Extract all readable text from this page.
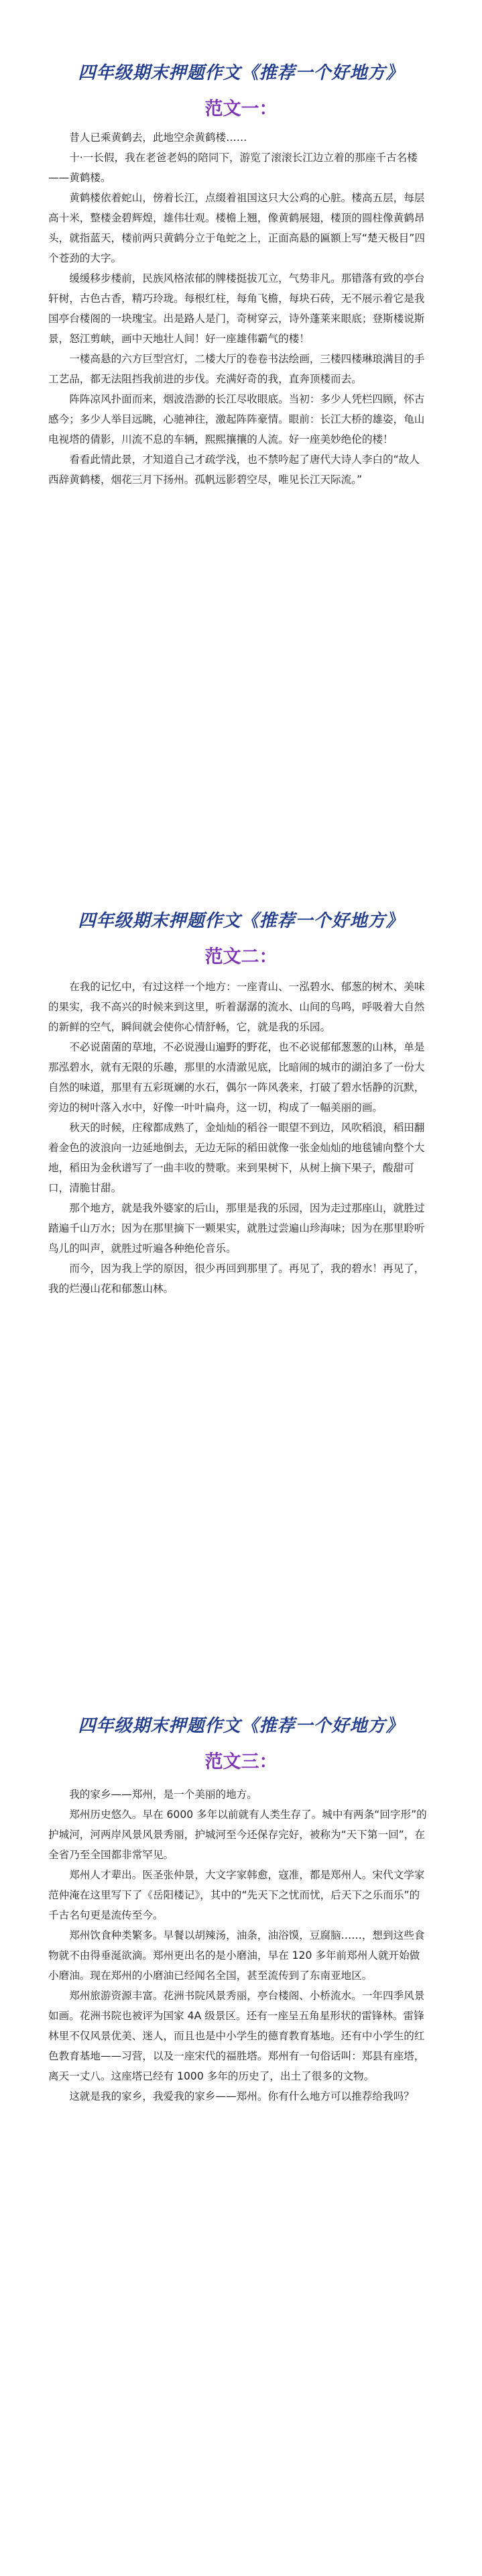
四年级期末押题作文《推荐一个好地方》
范文一：

昔人已乘黄鹤去，此地空余黄鹤楼……

十·一长假，我在老爸老妈的陪同下，游览了滚滚长江边立着的那座千古名楼——黄鹤楼。

黄鹤楼依着蛇山，傍着长江，点缀着祖国这只大公鸡的心脏。楼高五层，每层高十米，整楼金碧辉煌，雄伟壮观。楼檐上翘，像黄鹤展翅，楼顶的圆柱像黄鹤昂头，就指蓝天，楼前两只黄鹤分立于龟蛇之上，正面高悬的匾额上写“楚天极目”四个苍劲的大字。

缓缓移步楼前，民族风格浓郁的牌楼挺拔兀立，气势非凡。那错落有致的亭台轩树，古色古香，精巧玲珑。每根红柱，每角飞檐，每块石砖，无不展示着它是我国亭台楼阁的一块瑰宝。出是路人是门，奇树穿云，诗外蓬莱来眼底；登斯楼说斯景，怒江剪峡，画中天地壮人间！好一座雄伟霸气的楼！

一楼高悬的六方巨型宫灯，二楼大厅的卷卷书法绘画，三楼四楼琳琅满目的手工艺品，都无法阻挡我前进的步伐。充满好奇的我，直奔顶楼而去。

阵阵凉风扑面而来，烟波浩渺的长江尽收眼底。当初：多少人凭栏四顾，怀古感今；多少人举目远眺，心驰神往，激起阵阵豪情。眼前：长江大桥的雄姿，龟山电视塔的倩影，川流不息的车辆，熙熙攘攘的人流。好一座美妙绝伦的楼！

看看此情此景，才知道自己才疏学浅，也不禁吟起了唐代大诗人李白的“故人西辞黄鹤楼，烟花三月下扬州。孤帆远影碧空尽，唯见长江天际流。”

四年级期末押题作文《推荐一个好地方》
范文二：

在我的记忆中，有过这样一个地方：一座青山、一泓碧水、郁葱的树木、美味的果实，我不高兴的时候来到这里，听着潺潺的流水、山间的鸟鸣，呼吸着大自然的新鲜的空气，瞬间就会使你心情舒畅，它，就是我的乐园。

不必说菌菌的草地，不必说漫山遍野的野花，也不必说郁郁葱葱的山林，单是那泓碧水，就有无限的乐趣，那里的水清澈见底，比暗闹的城市的湖泊多了一份大自然的味道，那里有五彩斑斓的水石，偶尔一阵风袭来，打破了碧水恬静的沉默，旁边的树叶落入水中，好像一叶叶扁舟，这一切，构成了一幅美丽的画。

秋天的时候，庄稼都成熟了，金灿灿的稻谷一眼望不到边，风吹稻浪，稻田翻着金色的波浪向一边延地倒去，无边无际的稻田就像一张金灿灿的地毯铺向整个大地，稻田为金秋谱写了一曲丰收的赞歌。来到果树下，从树上摘下果子，酸甜可口，清脆甘甜。

那个地方，就是我外婆家的后山，那里是我的乐园，因为走过那座山，就胜过踏遍千山万水；因为在那里摘下一颗果实，就胜过尝遍山珍海味；因为在那里聆听鸟儿的叫声，就胜过听遍各种绝伦音乐。

而今，因为我上学的原因，很少再回到那里了。再见了，我的碧水！再见了，我的烂漫山花和郁葱山林。

四年级期末押题作文《推荐一个好地方》
范文三：

我的家乡——郑州，是一个美丽的地方。

郑州历史悠久。早在 6000 多年以前就有人类生存了。城中有两条“回字形”的护城河，河两岸风景风景秀丽，护城河至今还保存完好，被称为“天下第一回”，在全省乃至全国都非常罕见。

郑州人才辈出。医圣张仲景，大文字家韩愈，寇准，都是郑州人。宋代文学家范仲淹在这里写下了《岳阳楼记》，其中的“先天下之忧而忧，后天下之乐而乐”的千古名句更是流传至今。

郑州饮食种类繁多。早餐以胡辣汤，油条，油浴馍，豆腐脑……，想到这些食物就不由得垂涎欲滴。郑州更出名的是小磨油，早在 120 多年前郑州人就开始做小磨油。现在郑州的小磨油已经闻名全国，甚至流传到了东南亚地区。

郑州旅游资源丰富。花洲书院风景秀丽，亭台楼阁、小桥流水。一年四季风景如画。花洲书院也被评为国家 4A 级景区。还有一座呈五角星形状的雷锋林。雷锋林里不仅风景优美、迷人，而且也是中小学生的德育教育基地。还有中小学生的红色教育基地——习营，以及一座宋代的福胜塔。郑州有一句俗话叫：郑县有座塔，离天一丈八。这座塔已经有 1000 多年的历史了，出土了很多的文物。

这就是我的家乡，我爱我的家乡——郑州。你有什么地方可以推荐给我吗？
